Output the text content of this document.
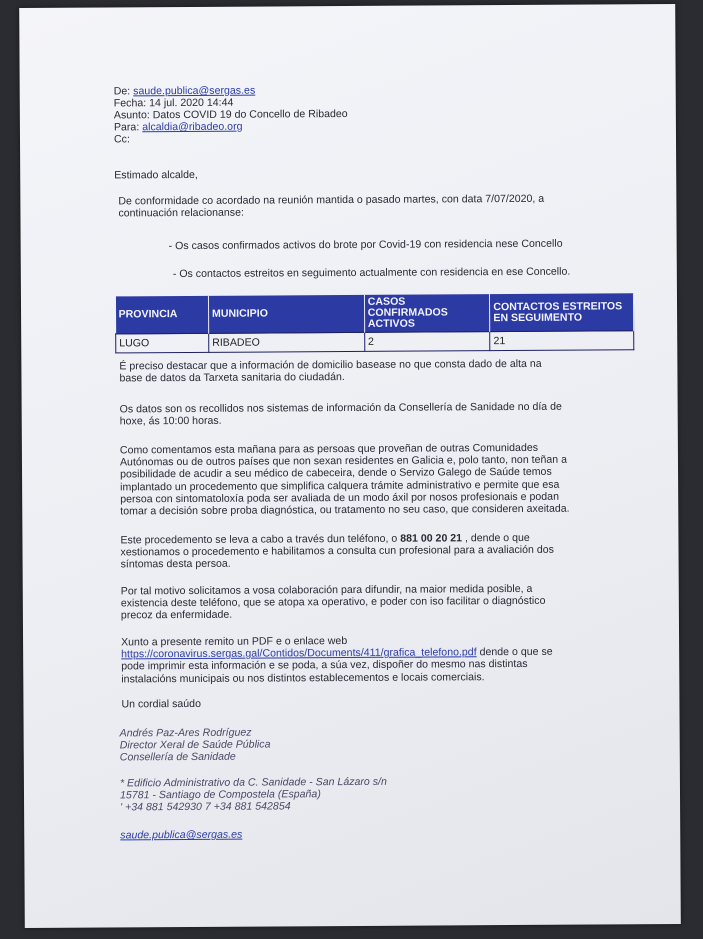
De: saude.publica@sergas.es
Fecha: 14 jul. 2020 14:44
Asunto: Datos COVID 19 do Concello de Ribadeo
Para: alcaldia@ribadeo.org
Cc:
Estimado alcalde,
De conformidade co acordado na reunión mantida o pasado martes, con data 7/07/2020, a
continuación relacionanse:
- Os casos confirmados activos do brote por Covid-19 con residencia nese Concello
- Os contactos estreitos en seguimento actualmente con residencia en ese Concello.
PROVINCIA	MUNICIPIO	CASOS CONFIRMADOS ACTIVOS	CONTACTOS ESTREITOS EN SEGUIMENTO
LUGO	RIBADEO	2	21
É preciso destacar que a información de domicilio basease no que consta dado de alta na
base de datos da Tarxeta sanitaria do ciudadán.
Os datos son os recollidos nos sistemas de información da Consellería de Sanidade no día de
hoxe, ás 10:00 horas.
Como comentamos esta mañana para as persoas que proveñan de outras Comunidades
Autónomas ou de outros países que non sexan residentes en Galicia e, polo tanto, non teñan a
posibilidade de acudir a seu médico de cabeceira, dende o Servizo Galego de Saúde temos
implantado un procedemento que simplifica calquera trámite administrativo e permite que esa
persoa con sintomatoloxía poda ser avaliada de un modo áxil por nosos profesionais e podan
tomar a decisión sobre proba diagnóstica, ou tratamento no seu caso, que consideren axeitada.
Este procedemento se leva a cabo a través dun teléfono, o 881 00 20 21 , dende o que
xestionamos o procedemento e habilitamos a consulta cun profesional para a avaliación dos
síntomas desta persoa.
Por tal motivo solicitamos a vosa colaboración para difundir, na maior medida posible, a
existencia deste teléfono, que se atopa xa operativo, e poder con iso facilitar o diagnóstico
precoz da enfermidade.
Xunto a presente remito un PDF e o enlace web
https://coronavirus.sergas.gal/Contidos/Documents/411/grafica_telefono.pdf dende o que se
pode imprimir esta información e se poda, a súa vez, dispoñer do mesmo nas distintas
instalacións municipais ou nos distintos establecementos e locais comerciais.
Un cordial saúdo
Andrés Paz-Ares Rodríguez
Director Xeral de Saúde Pública
Consellería de Sanidade
* Edificio Administrativo da C. Sanidade - San Lázaro s/n
15781 - Santiago de Compostela (España)
' +34 881 542930 7 +34 881 542854
saude.publica@sergas.es
